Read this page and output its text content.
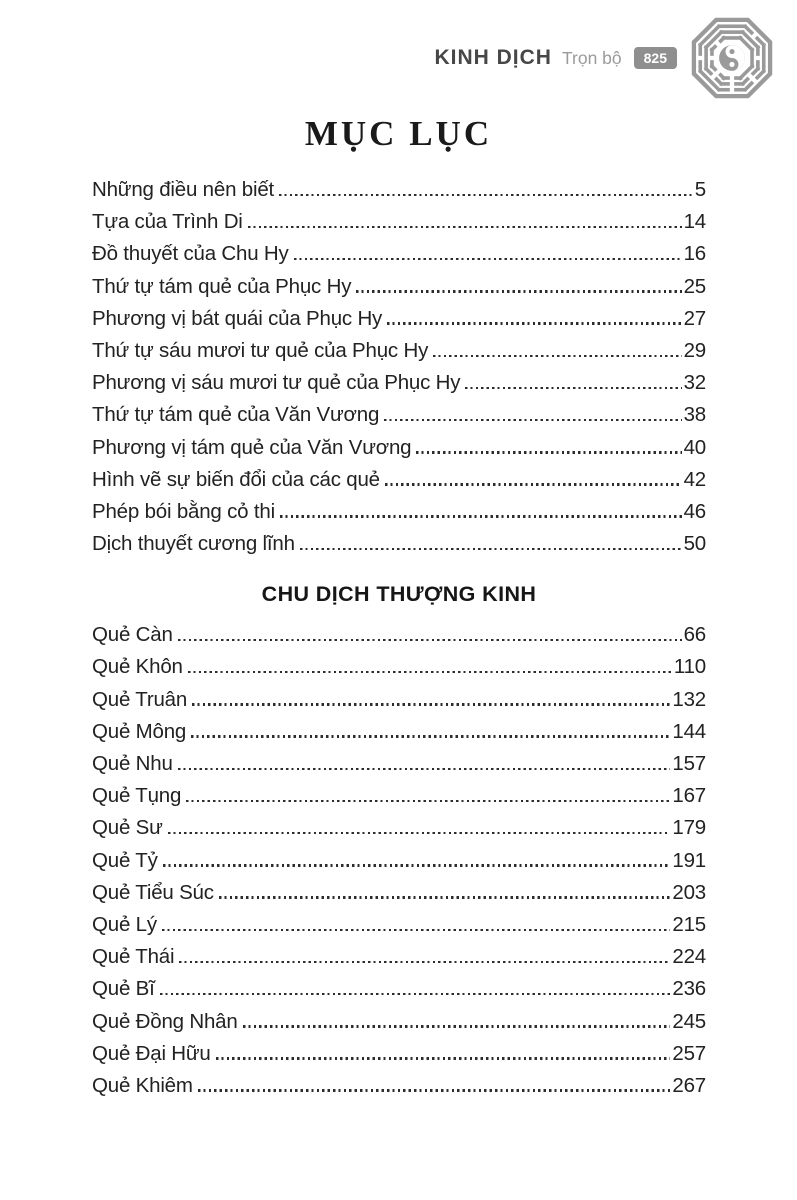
KINH DỊCH Trọn bộ	825
MỤC LỤC
Những điều nên biết	5
Tựa của Trình Di	14
Đồ thuyết của Chu Hy	16
Thứ tự tám quẻ của Phục Hy	25
Phương vị bát quái của Phục Hy	27
Thứ tự sáu mươi tư quẻ của Phục Hy	29
Phương vị sáu mươi tư quẻ của Phục Hy	32
Thứ tự tám quẻ của Văn Vương	38
Phương vị tám quẻ của Văn Vương	40
Hình vẽ sự biến đổi của các quẻ	42
Phép bói bằng cỏ thi	46
Dịch thuyết cương lĩnh	50
CHU DỊCH THƯỢNG KINH
Quẻ Càn	66
Quẻ Khôn	110
Quẻ Truân	132
Quẻ Mông	144
Quẻ Nhu	157
Quẻ Tụng	167
Quẻ Sư	179
Quẻ Tỷ	191
Quẻ Tiểu Súc	203
Quẻ Lý	215
Quẻ Thái	224
Quẻ Bĩ	236
Quẻ Đồng Nhân	245
Quẻ Đại Hữu	257
Quẻ Khiêm	267
